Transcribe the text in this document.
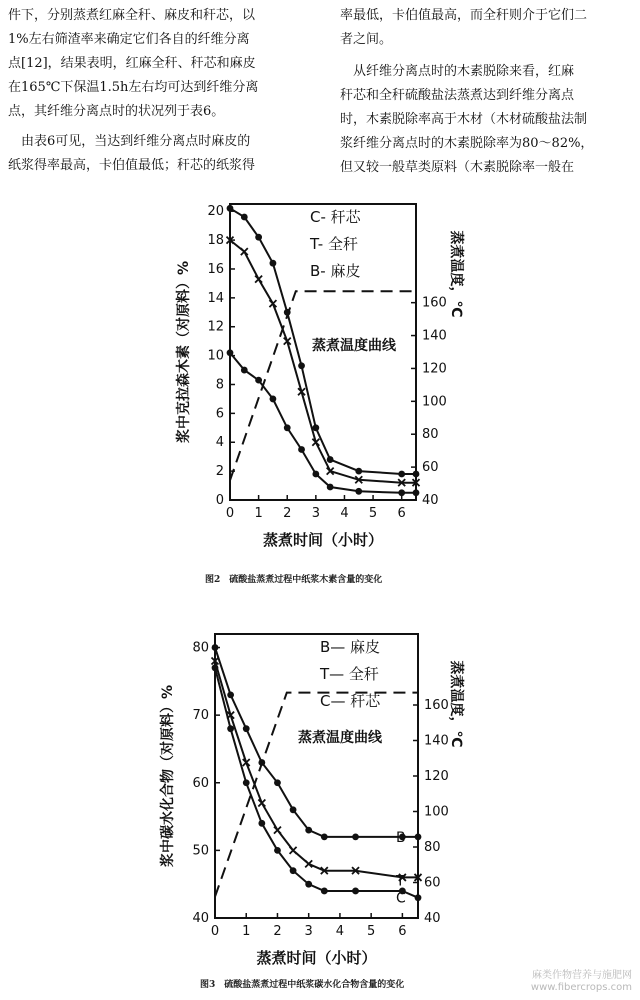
件下，分别蒸煮红麻全秆、麻皮和秆芯，以
1%左右筛渣率来确定它们各自的纤维分离
点[12]，结果表明，红麻全秆、秆芯和麻皮
在165℃下保温1.5h左右均可达到纤维分离
点，其纤维分离点时的状况列于表6。
　由表6可见，当达到纤维分离点时麻皮的
纸浆得率最高，卡伯值最低；秆芯的纸浆得
率最低，卡伯值最高，而全秆则介于它们二
者之间。
　从纤维分离点时的木素脱除来看，红麻
秆芯和全秆硫酸盐法蒸煮达到纤维分离点
时，木素脱除率高于木材（木材硫酸盐法制
浆纤维分离点时的木素脱除率为80～82%，
但又较一般草类原料（木素脱除率一般在
0 1 2 3 4 5 6
0
2
4
6
8
10
12
14
16
18
20
40
60
80
100
120
140
160
C- 秆芯
T- 全秆
B- 麻皮
蒸煮温度曲线
蒸煮时间（小时）
浆中克拉森木素（对原料）%	蒸煮温度，℃
图2　硫酸盐蒸煮过程中纸浆木素含量的变化
0 1 2 3 4 5 6
40
50
60
70
80
40
60
80
100
120
140
160
B— 麻皮
T— 全秆
C— 秆芯
蒸煮温度曲线
B
T
C
蒸煮时间（小时）
浆中碳水化合物（对原料）%	蒸煮温度，℃
图3　硫酸盐蒸煮过程中纸浆碳水化合物含量的变化
麻类作物营养与施肥网
www.fibercrops.com
